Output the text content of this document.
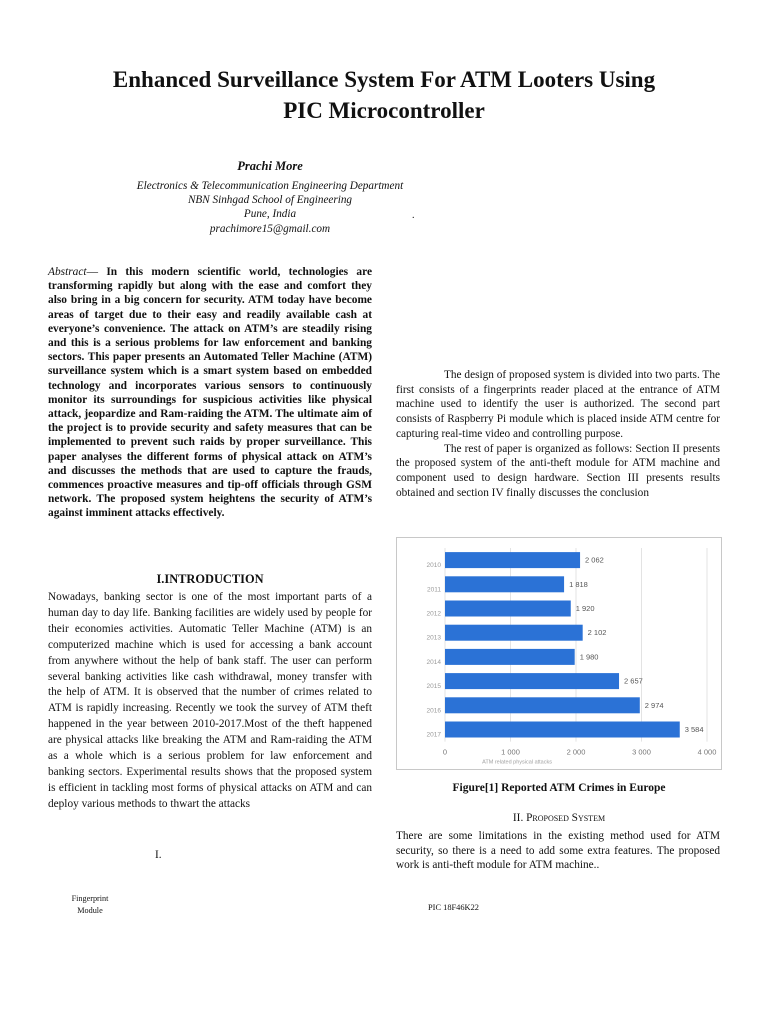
Enhanced Surveillance System For ATM Looters Using
PIC Microcontroller
Prachi More
Electronics & Telecommunication Engineering Department
NBN Sinhgad School of Engineering
Pune, India
prachimore15@gmail.com
.
Abstract— In this modern scientific world, technologies are transforming rapidly but along with the ease and comfort they also bring in a big concern for security. ATM today have become areas of target due to their easy and readily available cash at everyone’s convenience. The attack on ATM’s are steadily rising and this is a serious problems for law enforcement and banking sectors. This paper presents an Automated Teller Machine (ATM) surveillance system which is a smart system based on embedded technology and incorporates various sensors to continuously monitor its surroundings for suspicious activities like physical attack, jeopardize and Ram-raiding the ATM. The ultimate aim of the project is to provide security and safety measures that can be implemented to prevent such raids by proper surveillance. This paper analyses the different forms of physical attack on ATM’s and discusses the methods that are used to capture the frauds, commences proactive measures and tip-off officials through GSM network. The proposed system heightens the security of ATM’s against imminent attacks effectively.
I.INTRODUCTION

Nowadays, banking sector is one of the most important parts of a human day to day life. Banking facilities are widely used by people for their economies activities. Automatic Teller Machine (ATM) is an computerized machine which is used for accessing a bank account from anywhere without the help of bank staff. The user can perform several banking activities like cash withdrawal, money transfer with the help of ATM. It is observed that the number of crimes related to ATM is rapidly increasing. Recently we took the survey of ATM theft happened in the year between 2010-2017.Most of the theft happened are physical attacks like breaking the ATM and Ram-raiding the ATM as a whole which is a serious problem for law enforcement and banking sectors. Experimental results shows that the proposed system is efficient in tackling most forms of physical attacks on ATM and can deploy various methods to thwart the attacks

I.

The design of proposed system is divided into two parts. The first consists of a fingerprints reader placed at the entrance of ATM machine used to identify the user is authorized. The second part consists of Raspberry Pi module which is placed inside ATM centre for capturing real-time video and controlling purpose.

The rest of paper is organized as follows: Section II presents the proposed system of the anti-theft module for ATM machine and component used to design hardware. Section III presents results obtained and section IV finally discusses the conclusion

2010
2 062
2011
1 818
2012
1 920
2013
2 102
2014
1 980
2015
2 657
2016
2 974
2017
3 584
0	1 000	2 000	3 000	4 000
ATM related physical attacks
Figure[1] Reported ATM Crimes in Europe
II. Proposed System
There are some limitations in the existing method used for ATM security, so there is a need to add some extra features. The proposed work is anti-theft module for ATM machine..
Fingerprint
Module	PIC 18F46K22
